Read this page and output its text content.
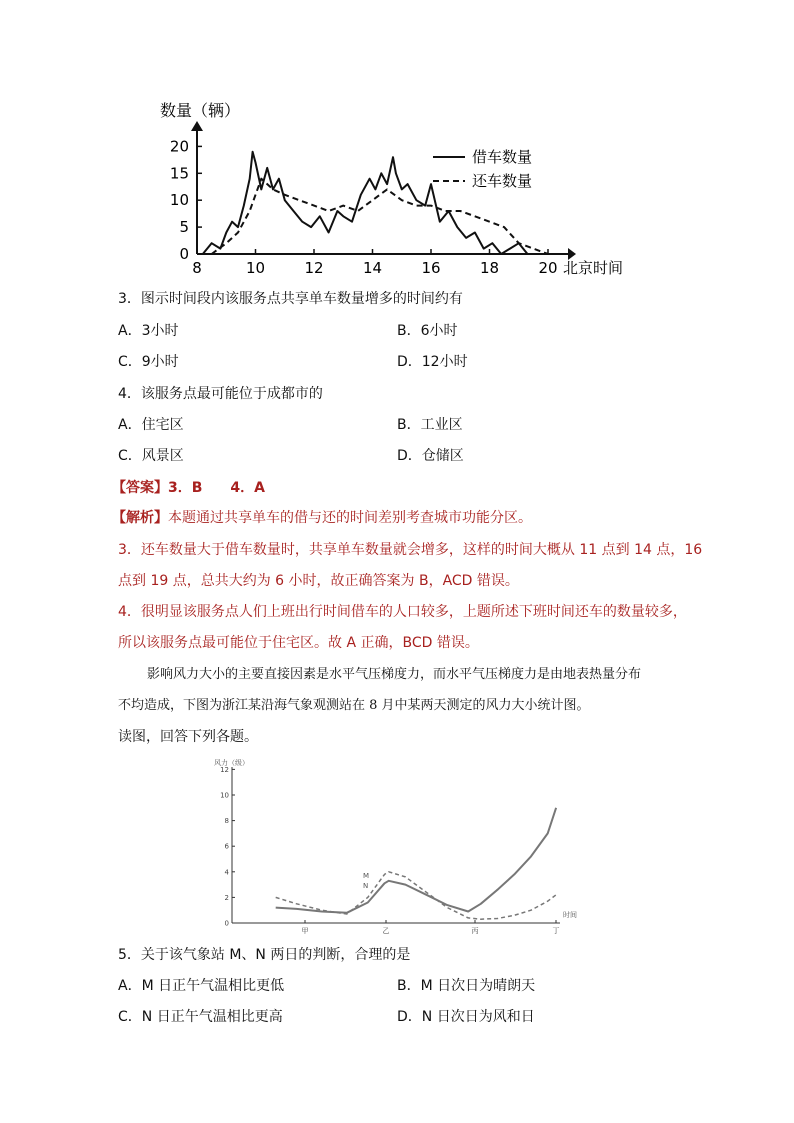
数量（辆）
0
5
10
15
20
8	10	12	14	16	18	20 北京时间
借车数量
还车数量
3．图示时间段内该服务点共享单车数量增多的时间约有
A．3小时	B．6小时
C．9小时	D．12小时
4．该服务点最可能位于成都市的
A．住宅区	B．工业区
C．风景区	D．仓储区
【答案】3．B　　4．A
【解析】本题通过共享单车的借与还的时间差别考查城市功能分区。
3．还车数量大于借车数量时，共享单车数量就会增多，这样的时间大概从 11 点到 14 点，16
点到 19 点，总共大约为 6 小时，故正确答案为 B，ACD 错误。
4．很明显该服务点人们上班出行时间借车的人口较多，上题所述下班时间还车的数量较多，
所以该服务点最可能位于住宅区。故 A 正确，BCD 错误。
影响风力大小的主要直接因素是水平气压梯度力，而水平气压梯度力是由地表热量分布
不均造成，下图为浙江某沿海气象观测站在 8 月中某两天测定的风力大小统计图。
读图，回答下列各题。
风力（级）
0
2
4
6
8
10
12
甲	乙	丙	丁
时间
M
N
5．关于该气象站 M、N 两日的判断，合理的是
A．M 日正午气温相比更低	B．M 日次日为晴朗天
C．N 日正午气温相比更高	D．N 日次日为风和日
